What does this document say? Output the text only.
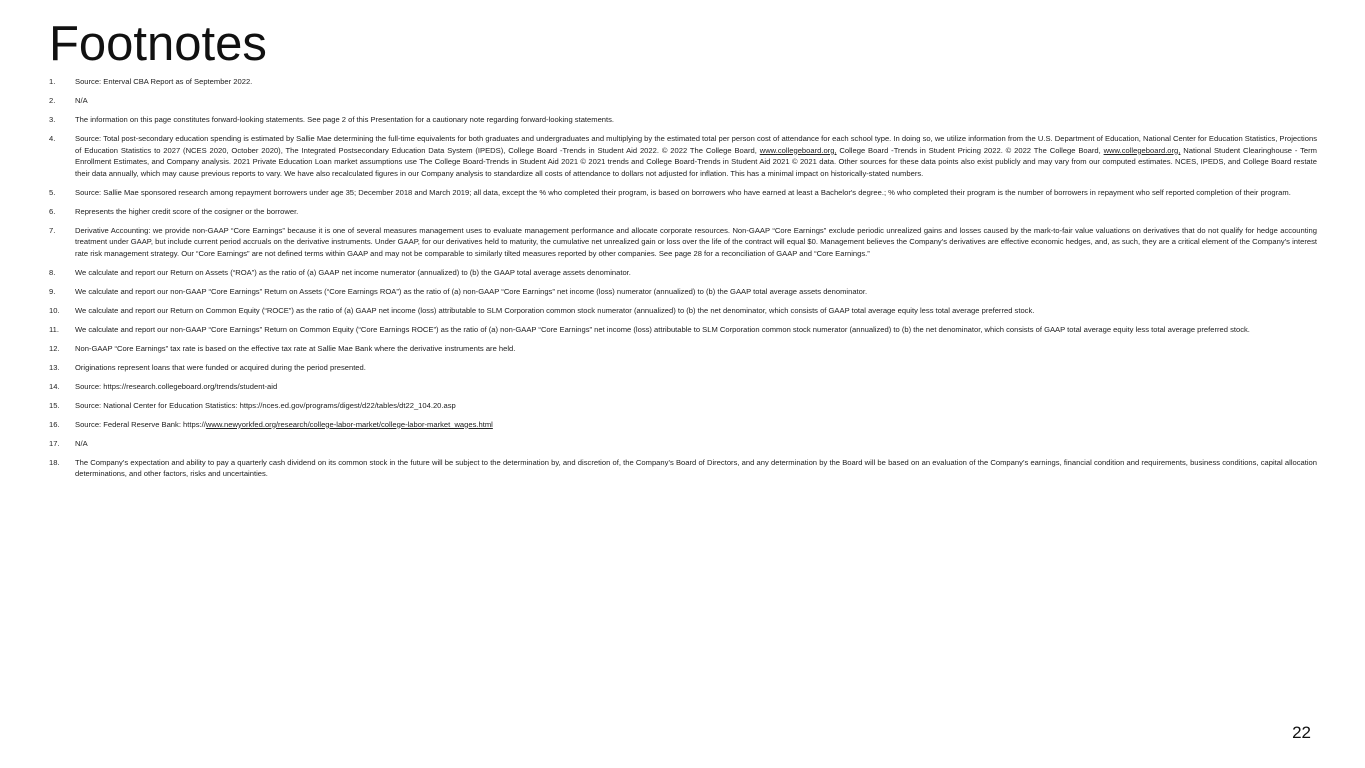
Footnotes
1.	Source: Enterval CBA Report as of September 2022.
2.	N/A
3.	The information on this page constitutes forward-looking statements. See page 2 of this Presentation for a cautionary note regarding forward-looking statements.
4.	Source: Total post-secondary education spending is estimated by Sallie Mae determining the full-time equivalents for both graduates and undergraduates and multiplying by the estimated total per person cost of attendance for each school type. In doing so, we utilize information from the U.S. Department of Education, National Center for Education Statistics, Projections of Education Statistics to 2027 (NCES 2020, October 2020), The Integrated Postsecondary Education Data System (IPEDS), College Board -Trends in Student Aid 2022. © 2022 The College Board, www.collegeboard.org, College Board -Trends in Student Pricing 2022. © 2022 The College Board, www.collegeboard.org, National Student Clearinghouse - Term Enrollment Estimates, and Company analysis. 2021 Private Education Loan market assumptions use The College Board-Trends in Student Aid 2021 © 2021 trends and College Board-Trends in Student Aid 2021 © 2021 data. Other sources for these data points also exist publicly and may vary from our computed estimates. NCES, IPEDS, and College Board restate their data annually, which may cause previous reports to vary. We have also recalculated figures in our Company analysis to standardize all costs of attendance to dollars not adjusted for inflation. This has a minimal impact on historically-stated numbers.
5.	Source: Sallie Mae sponsored research among repayment borrowers under age 35; December 2018 and March 2019; all data, except the % who completed their program, is based on borrowers who have earned at least a Bachelor's degree.; % who completed their program is the number of borrowers in repayment who self reported completion of their program.
6.	Represents the higher credit score of the cosigner or the borrower.
7.	Derivative Accounting: we provide non-GAAP “Core Earnings” because it is one of several measures management uses to evaluate management performance and allocate corporate resources. Non-GAAP “Core Earnings” exclude periodic unrealized gains and losses caused by the mark-to-fair value valuations on derivatives that do not qualify for hedge accounting treatment under GAAP, but include current period accruals on the derivative instruments. Under GAAP, for our derivatives held to maturity, the cumulative net unrealized gain or loss over the life of the contract will equal $0. Management believes the Company’s derivatives are effective economic hedges, and, as such, they are a critical element of the Company’s interest rate risk management strategy. Our “Core Earnings” are not defined terms within GAAP and may not be comparable to similarly tilted measures reported by other companies. See page 28 for a reconciliation of GAAP and “Core Earnings.”
8.	We calculate and report our Return on Assets (“ROA”) as the ratio of (a) GAAP net income numerator (annualized) to (b) the GAAP total average assets denominator.
9.	We calculate and report our non-GAAP “Core Earnings” Return on Assets (“Core Earnings ROA”) as the ratio of (a) non-GAAP “Core Earnings” net income (loss) numerator (annualized) to (b) the GAAP total average assets denominator.
10.	We calculate and report our Return on Common Equity (“ROCE”) as the ratio of (a) GAAP net income (loss) attributable to SLM Corporation common stock numerator (annualized) to (b) the net denominator, which consists of GAAP total average equity less total average preferred stock.
11.	We calculate and report our non-GAAP “Core Earnings” Return on Common Equity (“Core Earnings ROCE”) as the ratio of (a) non-GAAP “Core Earnings” net income (loss) attributable to SLM Corporation common stock numerator (annualized) to (b) the net denominator, which consists of GAAP total average equity less total average preferred stock.
12.	Non-GAAP “Core Earnings” tax rate is based on the effective tax rate at Sallie Mae Bank where the derivative instruments are held.
13.	Originations represent loans that were funded or acquired during the period presented.
14.	Source: https://research.collegeboard.org/trends/student-aid
15.	Source: National Center for Education Statistics: https://nces.ed.gov/programs/digest/d22/tables/dt22_104.20.asp
16.	Source: Federal Reserve Bank: https://www.newyorkfed.org/research/college-labor-market/college-labor-market_wages.html
17.	N/A
18.	The Company’s expectation and ability to pay a quarterly cash dividend on its common stock in the future will be subject to the determination by, and discretion of, the Company’s Board of Directors, and any determination by the Board will be based on an evaluation of the Company’s earnings, financial condition and requirements, business conditions, capital allocation determinations, and other factors, risks and uncertainties.
22
